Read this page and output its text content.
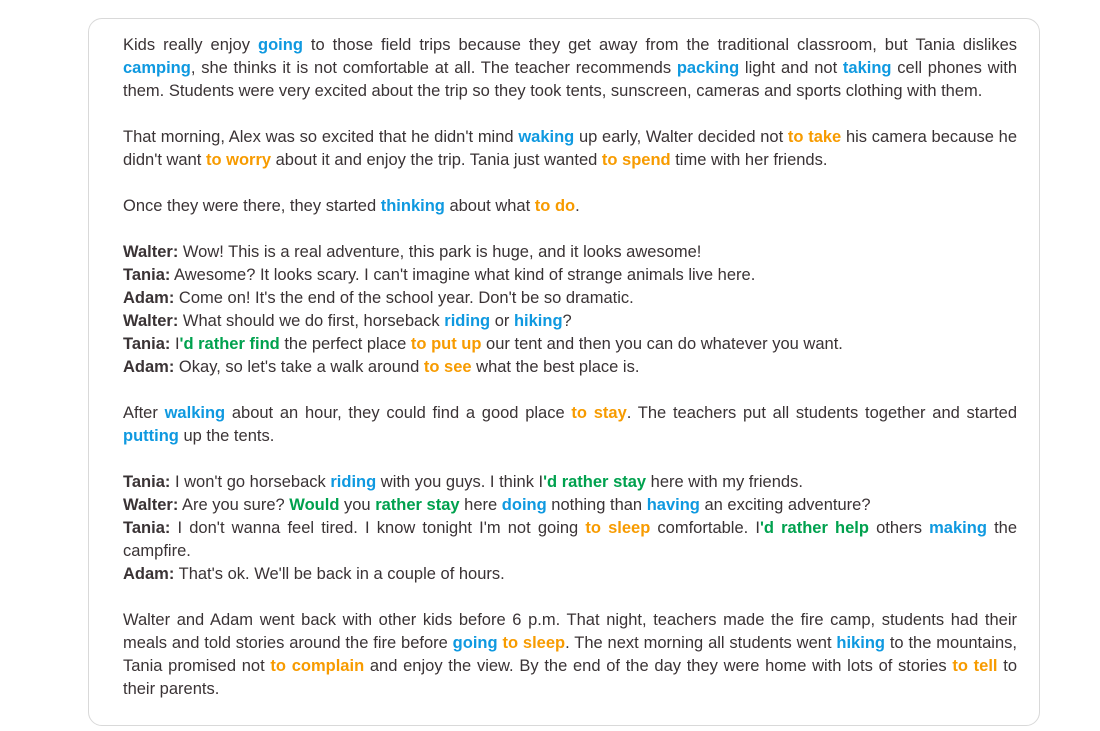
Kids really enjoy going to those field trips because they get away from the traditional classroom, but Tania dislikes camping, she thinks it is not comfortable at all. The teacher recommends packing light and not taking cell phones with them. Students were very excited about the trip so they took tents, sunscreen, cameras and sports clothing with them.
That morning, Alex was so excited that he didn't mind waking up early, Walter decided not to take his camera because he didn't want to worry about it and enjoy the trip. Tania just wanted to spend time with her friends.
Once they were there, they started thinking about what to do.
Walter: Wow! This is a real adventure, this park is huge, and it looks awesome!
Tania: Awesome? It looks scary. I can't imagine what kind of strange animals live here.
Adam: Come on! It's the end of the school year. Don't be so dramatic.
Walter: What should we do first, horseback riding or hiking?
Tania: I'd rather find the perfect place to put up our tent and then you can do whatever you want.
Adam: Okay, so let's take a walk around to see what the best place is.
After walking about an hour, they could find a good place to stay. The teachers put all students together and started putting up the tents.
Tania: I won't go horseback riding with you guys. I think I'd rather stay here with my friends.
Walter: Are you sure? Would you rather stay here doing nothing than having an exciting adventure?
Tania: I don't wanna feel tired. I know tonight I'm not going to sleep comfortable. I'd rather help others making the campfire.
Adam: That's ok. We'll be back in a couple of hours.
Walter and Adam went back with other kids before 6 p.m. That night, teachers made the fire camp, students had their meals and told stories around the fire before going to sleep. The next morning all students went hiking to the mountains, Tania promised not to complain and enjoy the view. By the end of the day they were home with lots of stories to tell to their parents.
